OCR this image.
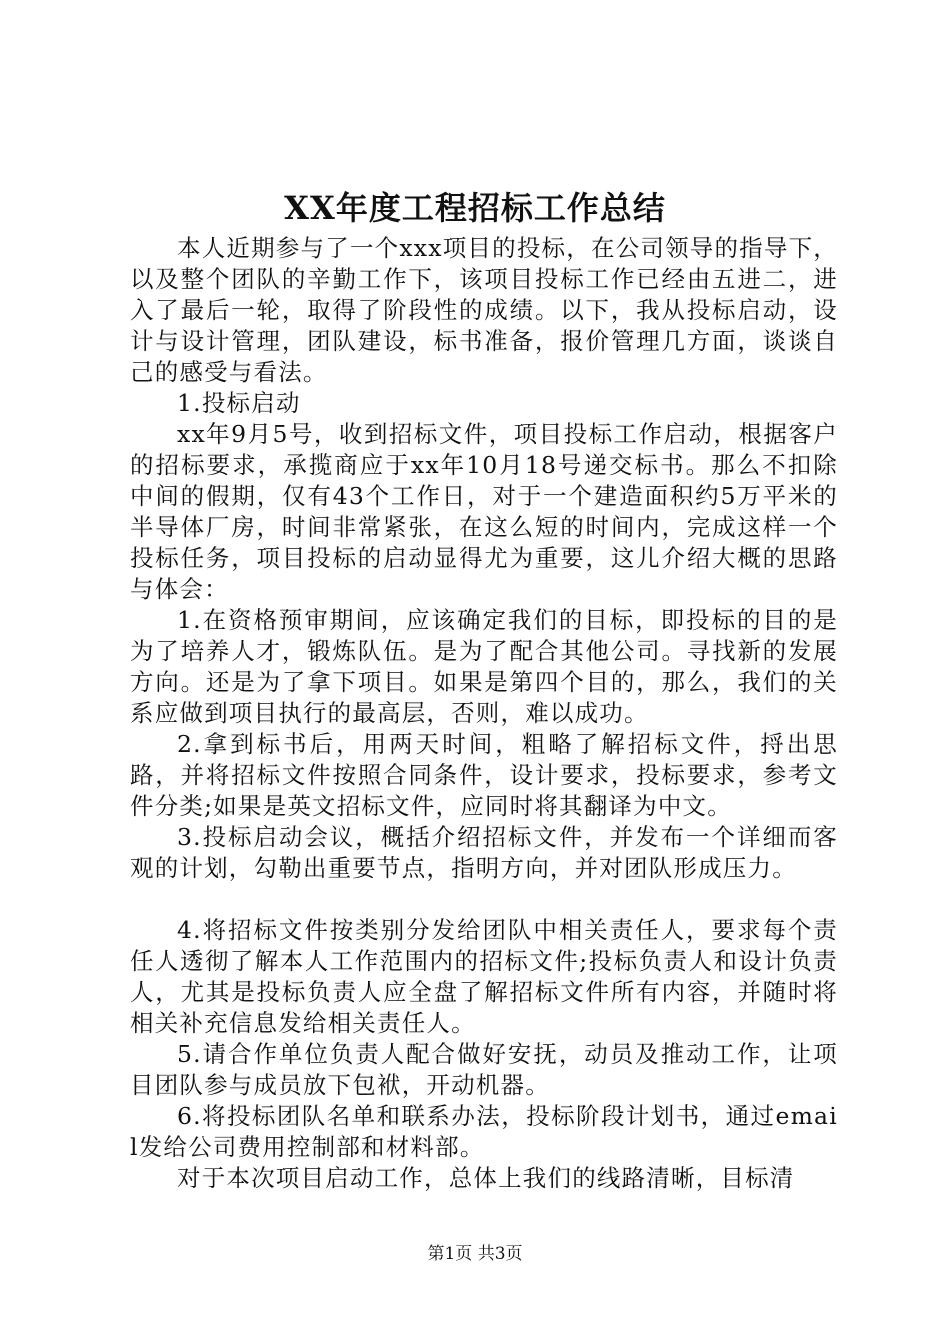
XX年度工程招标工作总结

本人近期参与了一个xxx项目的投标，在公司领导的指导下，以及整个团队的辛勤工作下，该项目投标工作已经由五进二，进入了最后一轮，取得了阶段性的成绩。以下，我从投标启动，设计与设计管理，团队建设，标书准备，报价管理几方面，谈谈自己的感受与看法。

1.投标启动

xx年9月5号，收到招标文件，项目投标工作启动，根据客户的招标要求，承揽商应于xx年10月18号递交标书。那么不扣除中间的假期，仅有43个工作日，对于一个建造面积约5万平米的半导体厂房，时间非常紧张，在这么短的时间内，完成这样一个投标任务，项目投标的启动显得尤为重要，这儿介绍大概的思路与体会：

1.在资格预审期间，应该确定我们的目标，即投标的目的是为了培养人才，锻炼队伍。是为了配合其他公司。寻找新的发展方向。还是为了拿下项目。如果是第四个目的，那么，我们的关系应做到项目执行的最高层，否则，难以成功。

2.拿到标书后，用两天时间，粗略了解招标文件，捋出思路，并将招标文件按照合同条件，设计要求，投标要求，参考文件分类;如果是英文招标文件，应同时将其翻译为中文。

3.投标启动会议，概括介绍招标文件，并发布一个详细而客观的计划，勾勒出重要节点，指明方向，并对团队形成压力。

4.将招标文件按类别分发给团队中相关责任人，要求每个责任人透彻了解本人工作范围内的招标文件;投标负责人和设计负责人，尤其是投标负责人应全盘了解招标文件所有内容，并随时将相关补充信息发给相关责任人。

5.请合作单位负责人配合做好安抚，动员及推动工作，让项目团队参与成员放下包袱，开动机器。

6.将投标团队名单和联系办法，投标阶段计划书，通过email发给公司费用控制部和材料部。

对于本次项目启动工作，总体上我们的线路清晰，目标清

第1页 共3页
